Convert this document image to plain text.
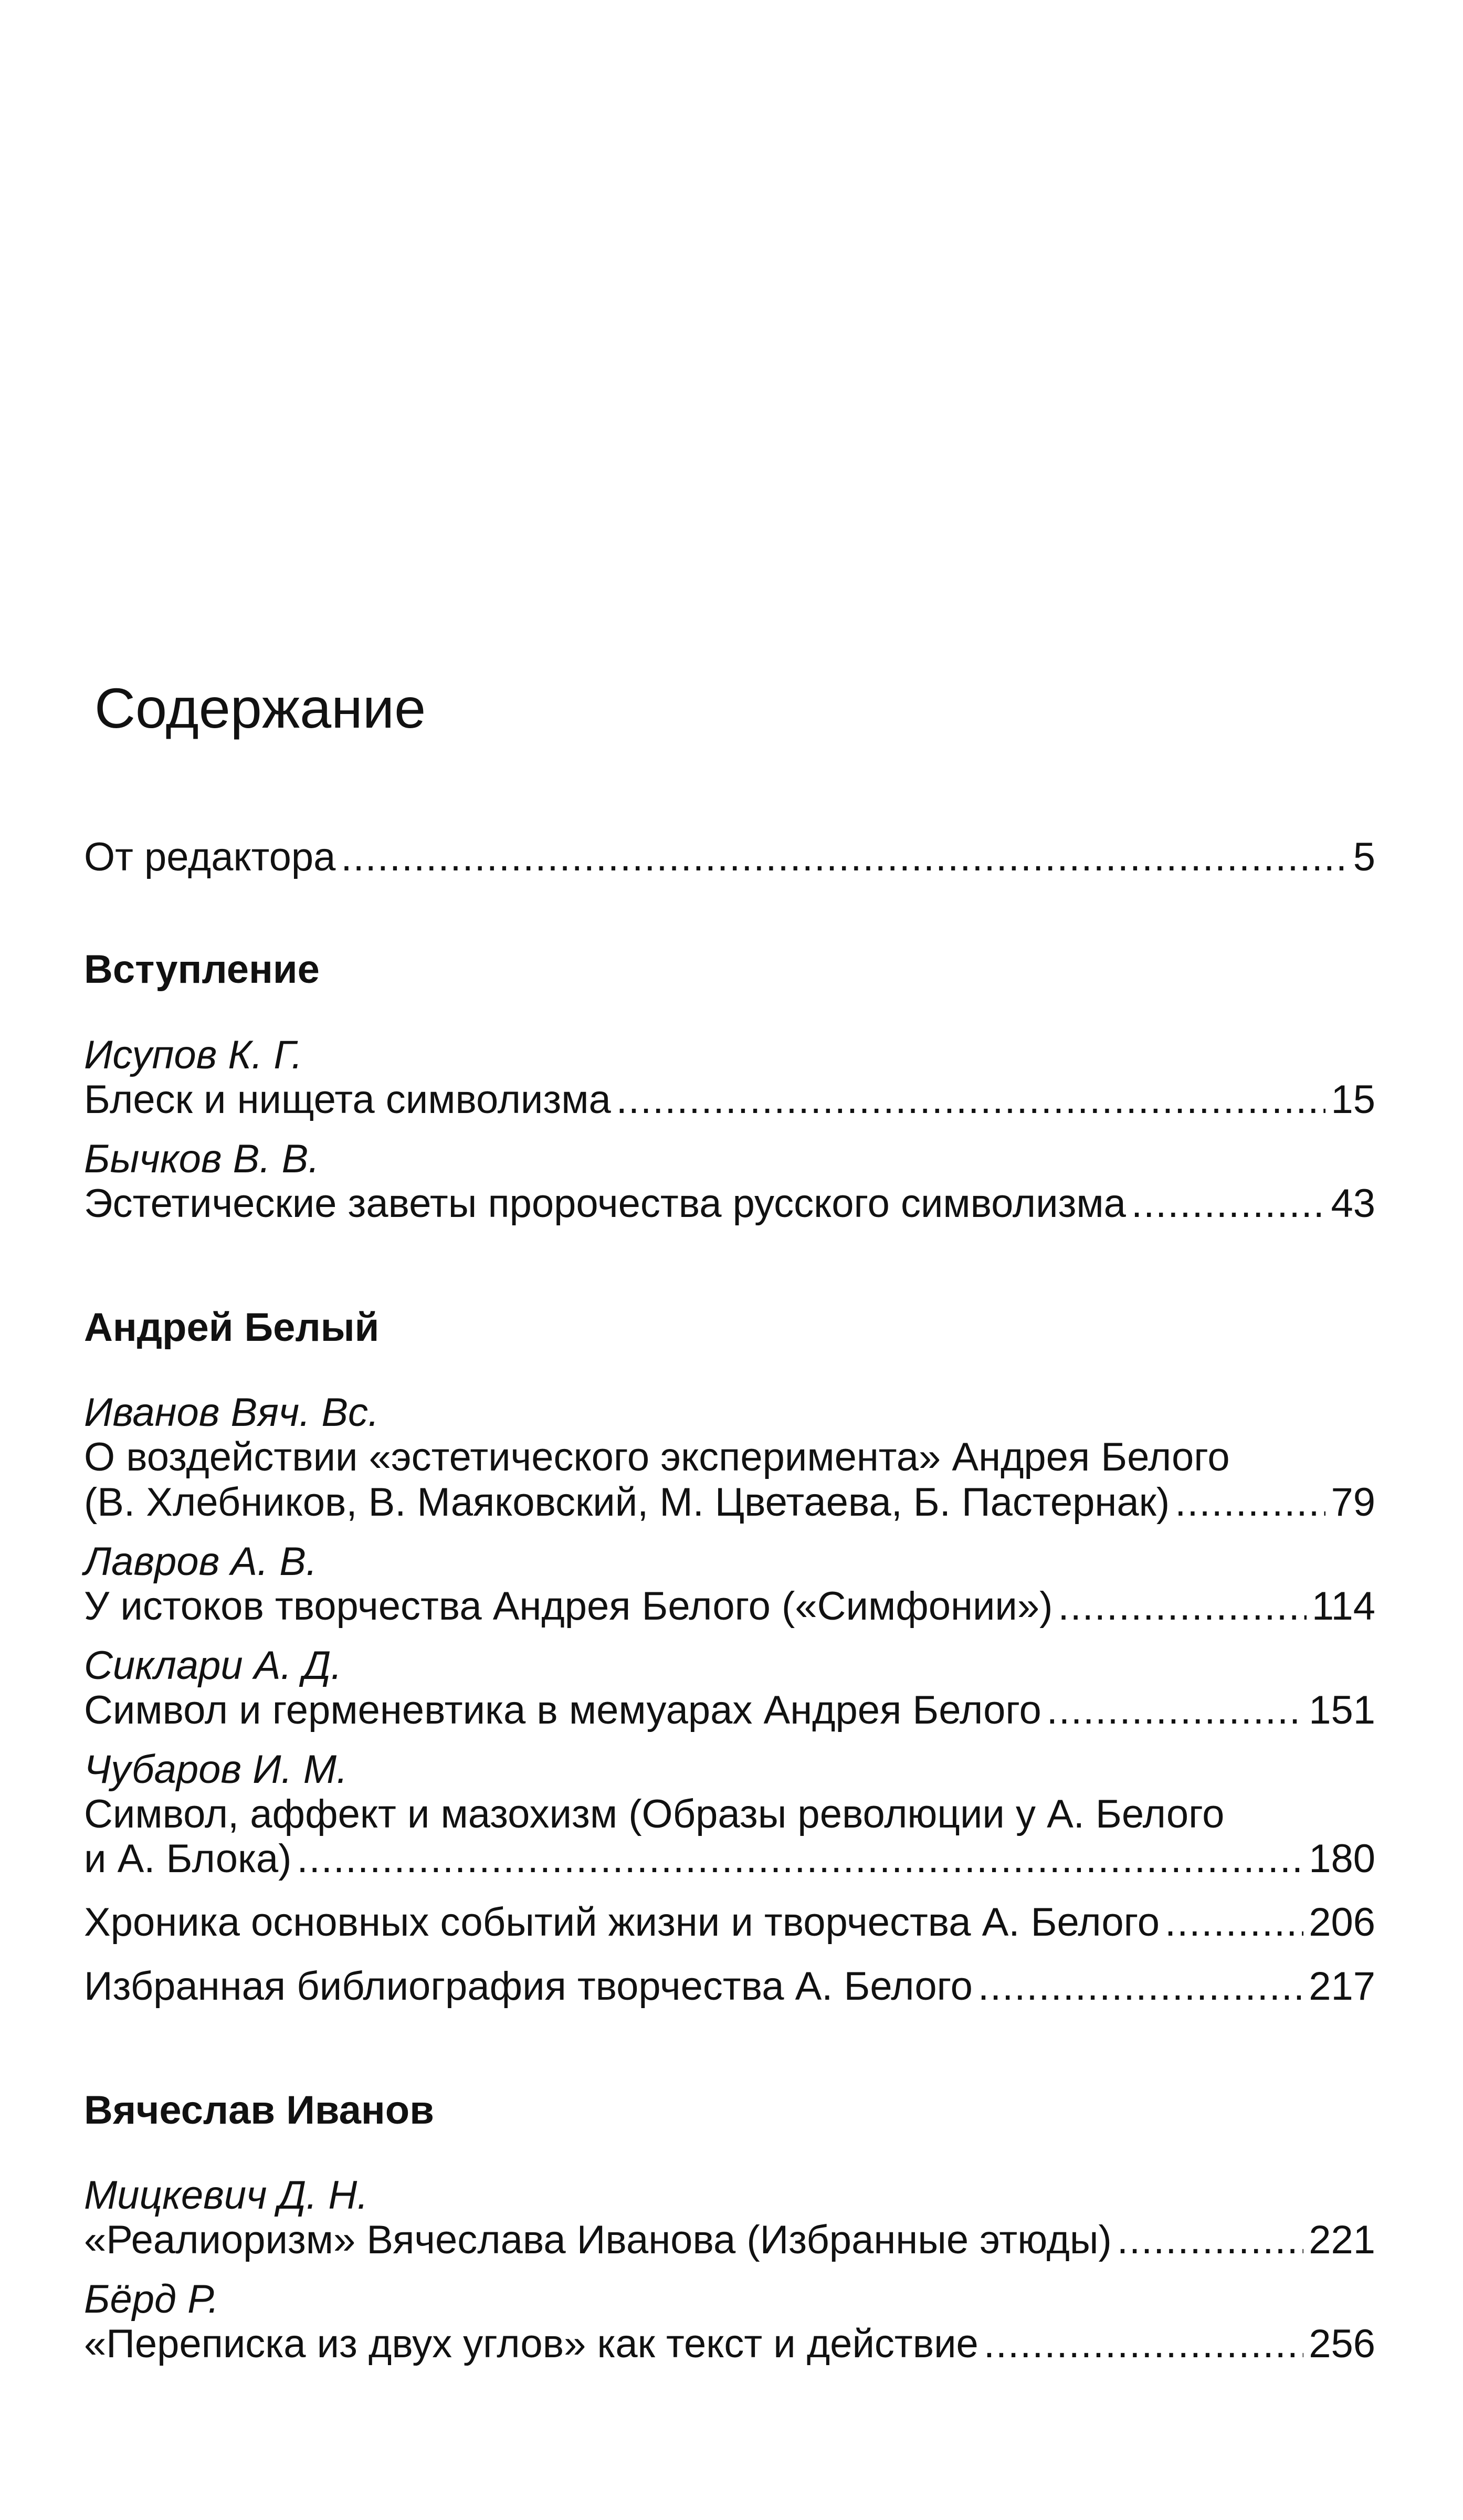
Содержание
От редактора .....	5
Вступление
Исупов К. Г.
Блеск и нищета символизма .....	15
Бычков В. В.
Эстетические заветы пророчества русского символизма .....	43
Андрей Белый
Иванов Вяч. Вс.
О воздействии «эстетического эксперимента» Андрея Белого
(В. Хлебников, В. Маяковский, М. Цветаева, Б. Пастернак) .....	79
Лавров А. В.
У истоков творчества Андрея Белого («Симфонии») .....	114
Сиклари А. Д.
Символ и герменевтика в мемуарах Андрея Белого .....	151
Чубаров И. М.
Символ, аффект и мазохизм (Образы революции у А. Белого
и А. Блока) .....	180
Хроника основных событий жизни и творчества А. Белого .....	206
Избранная библиография творчества А. Белого .....	217
Вячеслав Иванов
Мицкевич Д. Н.
«Реалиоризм» Вячеслава Иванова (Избранные этюды) .....	221
Бёрд Р.
«Переписка из двух углов» как текст и действие .....	256
